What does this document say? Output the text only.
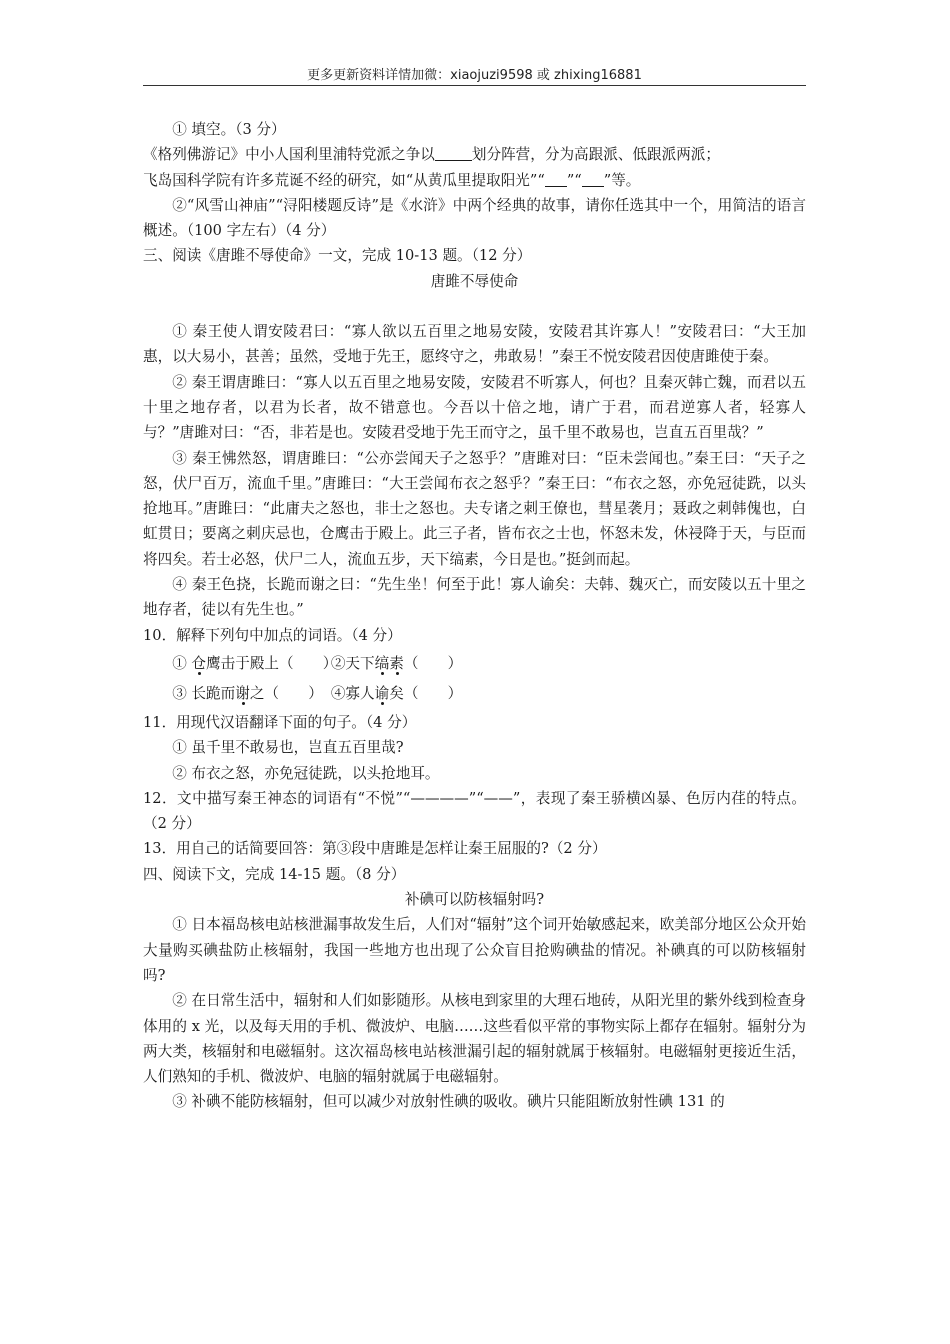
更多更新资料详情加微：xiaojuzi9598 或 zhixing16881

① 填空。（3 分）

《格列佛游记》中小人国利里浦特党派之争以	划分阵营，分为高跟派、低跟派两派；

飞岛国科学院有许多荒诞不经的研究，如“从黄瓜里提取阳光”“ ”“ ”等。

②“风雪山神庙”“浔阳楼题反诗”是《水浒》中两个经典的故事，请你任选其中一个，用简洁的语言概述。（100 字左右）（4 分）

三、阅读《唐雎不辱使命》一文，完成 10-13 题。（12 分）

唐雎不辱使命

① 秦王使人谓安陵君曰：“寡人欲以五百里之地易安陵，安陵君其许寡人！”安陵君曰：“大王加惠，以大易小，甚善；虽然，受地于先王，愿终守之，弗敢易！”秦王不悦安陵君因使唐雎使于秦。

② 秦王谓唐雎曰：“寡人以五百里之地易安陵，安陵君不听寡人，何也？且秦灭韩亡魏，而君以五十里之地存者，以君为长者，故不错意也。今吾以十倍之地，请广于君，而君逆寡人者，轻寡人与？”唐雎对曰：“否，非若是也。安陵君受地于先王而守之，虽千里不敢易也，岂直五百里哉？”

③ 秦王怫然怒，谓唐雎曰：“公亦尝闻天子之怒乎？”唐雎对曰：“臣未尝闻也。”秦王曰：“天子之怒，伏尸百万，流血千里。”唐雎曰：“大王尝闻布衣之怒乎？”秦王曰：“布衣之怒，亦免冠徒跣，以头抢地耳。”唐雎曰：“此庸夫之怒也，非士之怒也。夫专诸之刺王僚也，彗星袭月；聂政之刺韩傀也，白虹贯日；要离之刺庆忌也，仓鹰击于殿上。此三子者，皆布衣之士也，怀怒未发，休祲降于天，与臣而将四矣。若士必怒，伏尸二人，流血五步，天下缟素，今日是也。”挺剑而起。

④ 秦王色挠，长跪而谢之曰：“先生坐！何至于此！寡人谕矣：夫韩、魏灭亡，而安陵以五十里之地存者，徒以有先生也。”

10．解释下列句中加点的词语。（4 分）

① 仓鹰击于殿上（　　） ②天下缟素（　　）

③ 长跪而谢之（　　） ④寡人谕矣（　　）

11．用现代汉语翻译下面的句子。（4 分）

① 虽千里不敢易也，岂直五百里哉?

② 布衣之怒，亦免冠徒跣，以头抢地耳。

12．文中描写秦王神态的词语有“不悦”“————”“——”，表现了秦王骄横凶暴、色厉内荏的特点。（2 分）

13．用自己的话简要回答：第③段中唐雎是怎样让秦王屈服的?（2 分）

四、阅读下文，完成 14-15 题。（8 分）

补碘可以防核辐射吗?

① 日本福岛核电站核泄漏事故发生后，人们对“辐射”这个词开始敏感起来，欧美部分地区公众开始大量购买碘盐防止核辐射，我国一些地方也出现了公众盲目抢购碘盐的情况。补碘真的可以防核辐射吗?

② 在日常生活中，辐射和人们如影随形。从核电到家里的大理石地砖，从阳光里的紫外线到检查身体用的 x 光，以及每天用的手机、微波炉、电脑……这些看似平常的事物实际上都存在辐射。辐射分为两大类，核辐射和电磁辐射。这次福岛核电站核泄漏引起的辐射就属于核辐射。电磁辐射更接近生活，人们熟知的手机、微波炉、电脑的辐射就属于电磁辐射。

③ 补碘不能防核辐射，但可以减少对放射性碘的吸收。碘片只能阻断放射性碘 131 的
